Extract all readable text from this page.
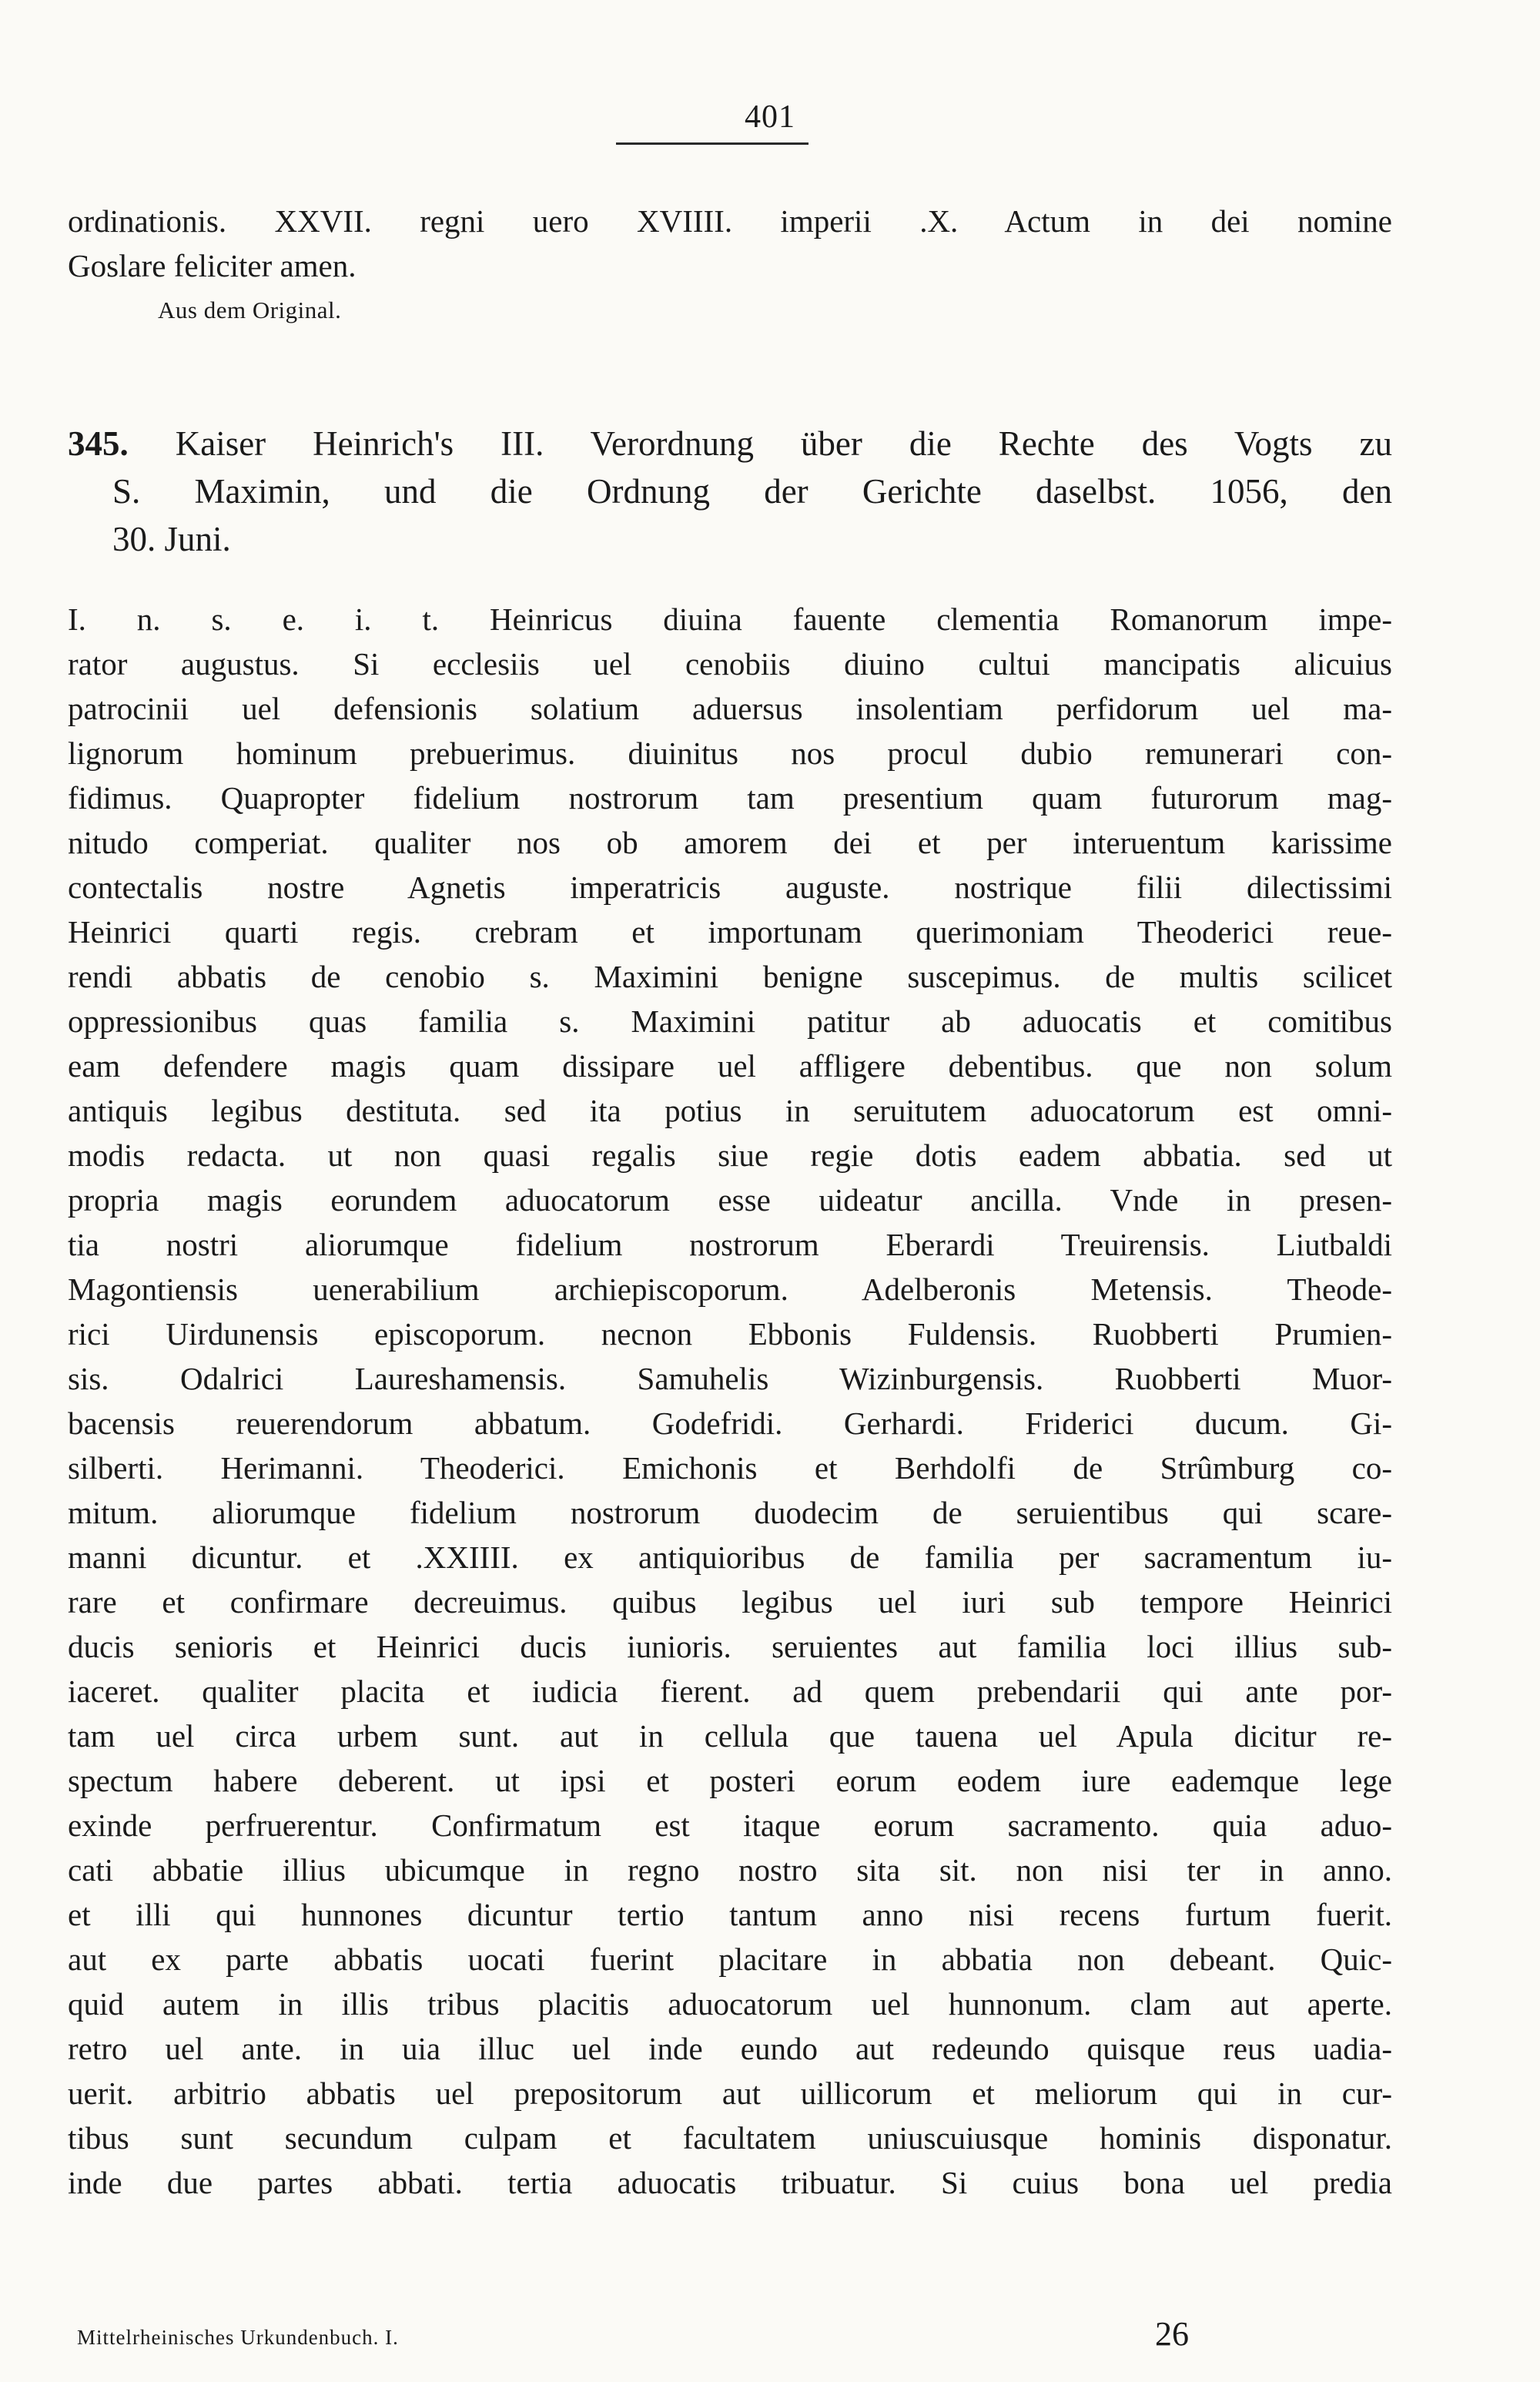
401
ordinationis. XXVII. regni uero XVIIII. imperii .X. Actum in dei nomine
Goslare feliciter amen.
Aus dem Original.
345. Kaiser Heinrich's III. Verordnung über die Rechte des Vogts zu
S. Maximin, und die Ordnung der Gerichte daselbst. 1056, den
30. Juni.
I. n. s. e. i. t. Heinricus diuina fauente clementia Romanorum impe-
rator augustus. Si ecclesiis uel cenobiis diuino cultui mancipatis alicuius
patrocinii uel defensionis solatium aduersus insolentiam perfidorum uel ma-
lignorum hominum prebuerimus. diuinitus nos procul dubio remunerari con-
fidimus. Quapropter fidelium nostrorum tam presentium quam futurorum mag-
nitudo comperiat. qualiter nos ob amorem dei et per interuentum karissime
contectalis nostre Agnetis imperatricis auguste. nostrique filii dilectissimi
Heinrici quarti regis. crebram et importunam querimoniam Theoderici reue-
rendi abbatis de cenobio s. Maximini benigne suscepimus. de multis scilicet
oppressionibus quas familia s. Maximini patitur ab aduocatis et comitibus
eam defendere magis quam dissipare uel affligere debentibus. que non solum
antiquis legibus destituta. sed ita potius in seruitutem aduocatorum est omni-
modis redacta. ut non quasi regalis siue regie dotis eadem abbatia. sed ut
propria magis eorundem aduocatorum esse uideatur ancilla. Vnde in presen-
tia nostri aliorumque fidelium nostrorum Eberardi Treuirensis. Liutbaldi
Magontiensis uenerabilium archiepiscoporum. Adelberonis Metensis. Theode-
rici Uirdunensis episcoporum. necnon Ebbonis Fuldensis. Ruobberti Prumien-
sis. Odalrici Laureshamensis. Samuhelis Wizinburgensis. Ruobberti Muor-
bacensis reuerendorum abbatum. Godefridi. Gerhardi. Friderici ducum. Gi-
silberti. Herimanni. Theoderici. Emichonis et Berhdolfi de Strûmburg co-
mitum. aliorumque fidelium nostrorum duodecim de seruientibus qui scare-
manni dicuntur. et .XXIIII. ex antiquioribus de familia per sacramentum iu-
rare et confirmare decreuimus. quibus legibus uel iuri sub tempore Heinrici
ducis senioris et Heinrici ducis iunioris. seruientes aut familia loci illius sub-
iaceret. qualiter placita et iudicia fierent. ad quem prebendarii qui ante por-
tam uel circa urbem sunt. aut in cellula que tauena uel Apula dicitur re-
spectum habere deberent. ut ipsi et posteri eorum eodem iure eademque lege
exinde perfruerentur. Confirmatum est itaque eorum sacramento. quia aduo-
cati abbatie illius ubicumque in regno nostro sita sit. non nisi ter in anno.
et illi qui hunnones dicuntur tertio tantum anno nisi recens furtum fuerit.
aut ex parte abbatis uocati fuerint placitare in abbatia non debeant. Quic-
quid autem in illis tribus placitis aduocatorum uel hunnonum. clam aut aperte.
retro uel ante. in uia illuc uel inde eundo aut redeundo quisque reus uadia-
uerit. arbitrio abbatis uel prepositorum aut uillicorum et meliorum qui in cur-
tibus sunt secundum culpam et facultatem uniuscuiusque hominis disponatur.
inde due partes abbati. tertia aduocatis tribuatur. Si cuius bona uel predia
Mittelrheinisches Urkundenbuch. I.	26
